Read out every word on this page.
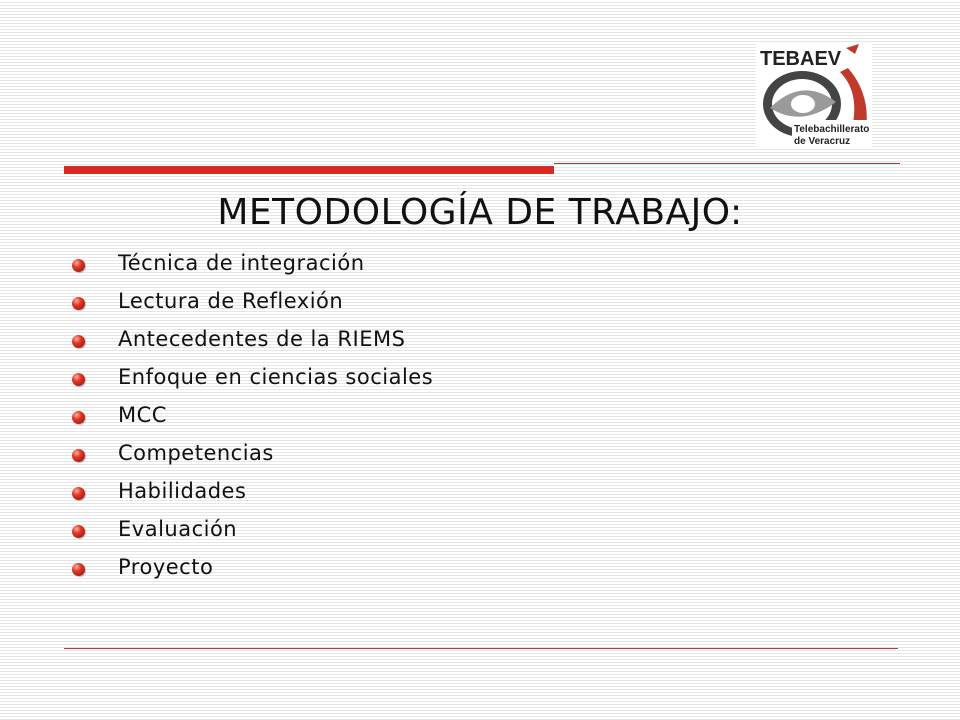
TEBAEV
Telebachillerato
de Veracruz
METODOLOGÍA DE TRABAJO:
Técnica de integración
Lectura de Reflexión
Antecedentes de la RIEMS
Enfoque en ciencias sociales
MCC
Competencias
Habilidades
Evaluación
Proyecto
